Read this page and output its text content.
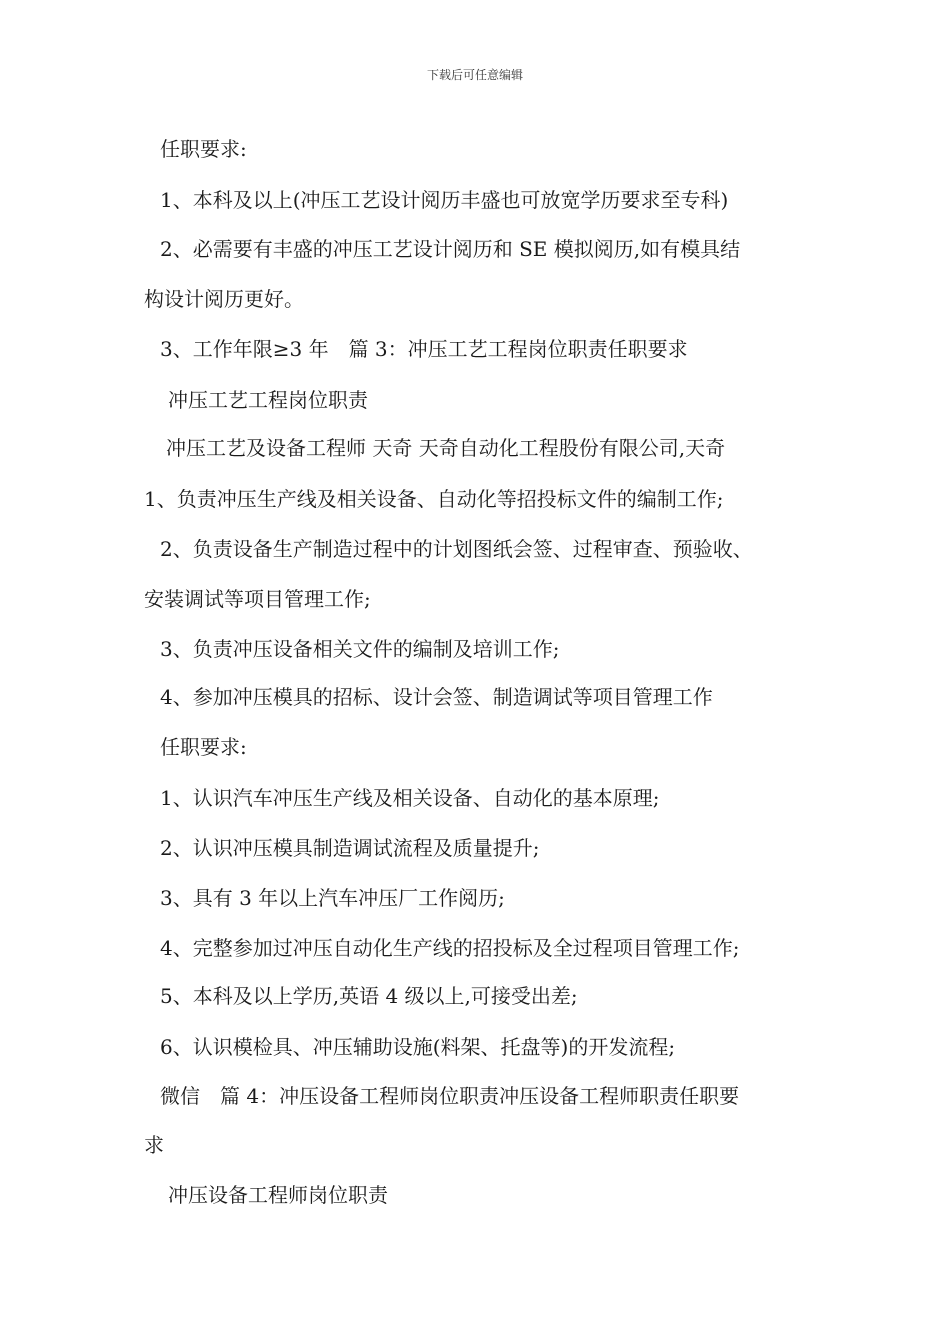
下载后可任意编辑
任职要求:
1、本科及以上(冲压工艺设计阅历丰盛也可放宽学历要求至专科)
2、必需要有丰盛的冲压工艺设计阅历和 SE 模拟阅历,如有模具结
构设计阅历更好。
3、工作年限≥3 年　篇 3：冲压工艺工程岗位职责任职要求
冲压工艺工程岗位职责
冲压工艺及设备工程师 天奇 天奇自动化工程股份有限公司,天奇
1、负责冲压生产线及相关设备、自动化等招投标文件的编制工作;
2、负责设备生产制造过程中的计划图纸会签、过程审查、预验收、
安装调试等项目管理工作;
3、负责冲压设备相关文件的编制及培训工作;
4、参加冲压模具的招标、设计会签、制造调试等项目管理工作
任职要求:
1、认识汽车冲压生产线及相关设备、自动化的基本原理;
2、认识冲压模具制造调试流程及质量提升;
3、具有 3 年以上汽车冲压厂工作阅历;
4、完整参加过冲压自动化生产线的招投标及全过程项目管理工作;
5、本科及以上学历,英语 4 级以上,可接受出差;
6、认识模检具、冲压辅助设施(料架、托盘等)的开发流程;
微信　篇 4：冲压设备工程师岗位职责冲压设备工程师职责任职要
求
冲压设备工程师岗位职责
